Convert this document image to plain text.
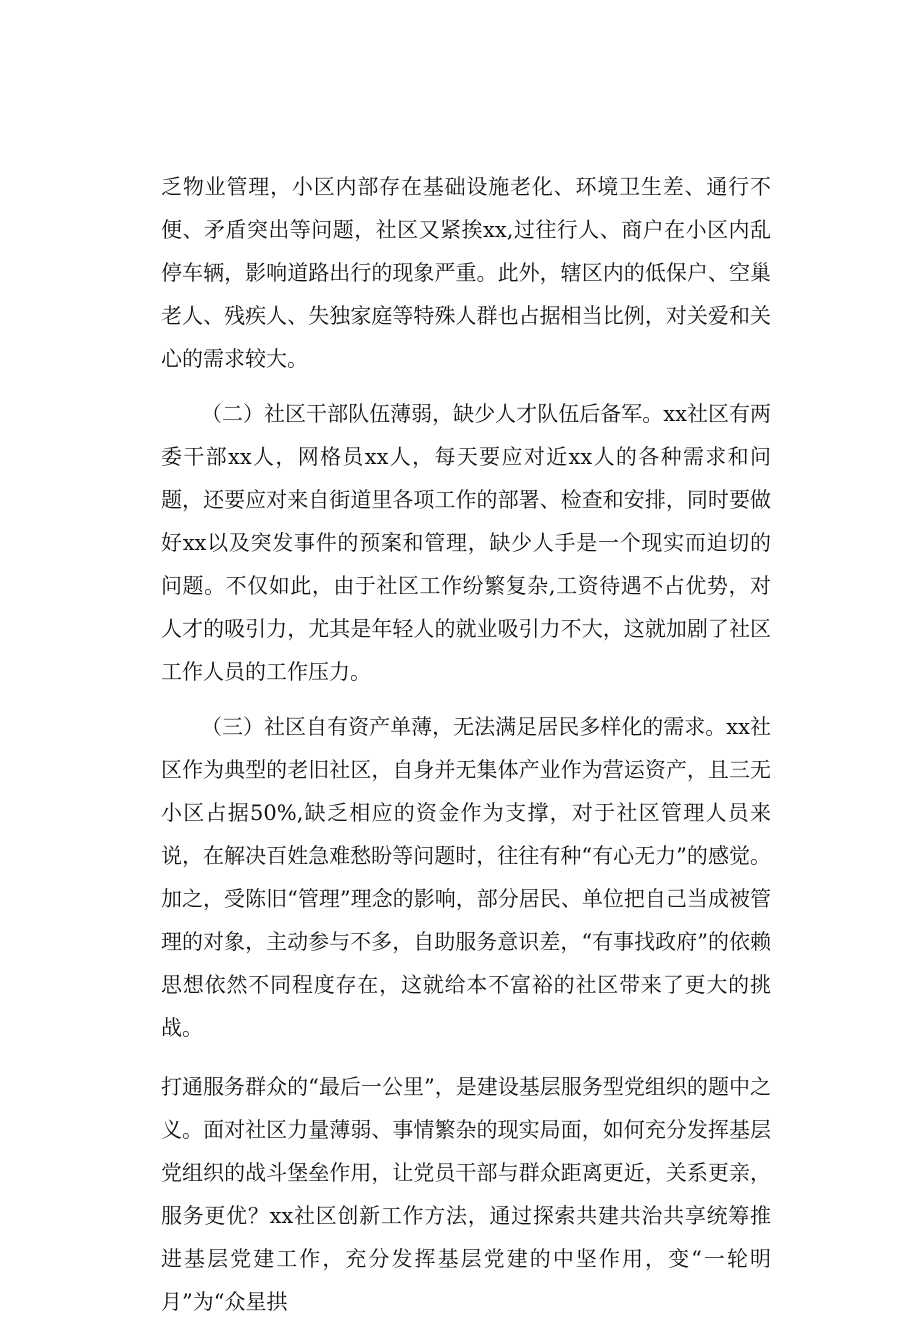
乏物业管理，小区内部存在基础设施老化、环境卫生差、通行不便、矛盾突出等问题，社区又紧挨xx,过往行人、商户在小区内乱停车辆，影响道路出行的现象严重。此外，辖区内的低保户、空巢老人、残疾人、失独家庭等特殊人群也占据相当比例，对关爱和关心的需求较大。

（二）社区干部队伍薄弱，缺少人才队伍后备军。xx社区有两委干部xx人，网格员xx人，每天要应对近xx人的各种需求和问题，还要应对来自街道里各项工作的部署、检查和安排，同时要做好xx以及突发事件的预案和管理，缺少人手是一个现实而迫切的问题。不仅如此，由于社区工作纷繁复杂,工资待遇不占优势，对人才的吸引力，尤其是年轻人的就业吸引力不大，这就加剧了社区工作人员的工作压力。

（三）社区自有资产单薄，无法满足居民多样化的需求。xx社区作为典型的老旧社区，自身并无集体产业作为营运资产，且三无小区占据50%,缺乏相应的资金作为支撑，对于社区管理人员来说，在解决百姓急难愁盼等问题时，往往有种“有心无力”的感觉。加之，受陈旧“管理”理念的影响，部分居民、单位把自己当成被管理的对象，主动参与不多，自助服务意识差，“有事找政府”的依赖思想依然不同程度存在，这就给本不富裕的社区带来了更大的挑战。

打通服务群众的“最后一公里”，是建设基层服务型党组织的题中之义。面对社区力量薄弱、事情繁杂的现实局面，如何充分发挥基层党组织的战斗堡垒作用，让党员干部与群众距离更近，关系更亲，服务更优？xx社区创新工作方法，通过探索共建共治共享统筹推进基层党建工作，充分发挥基层党建的中坚作用，变“一轮明月”为“众星拱
